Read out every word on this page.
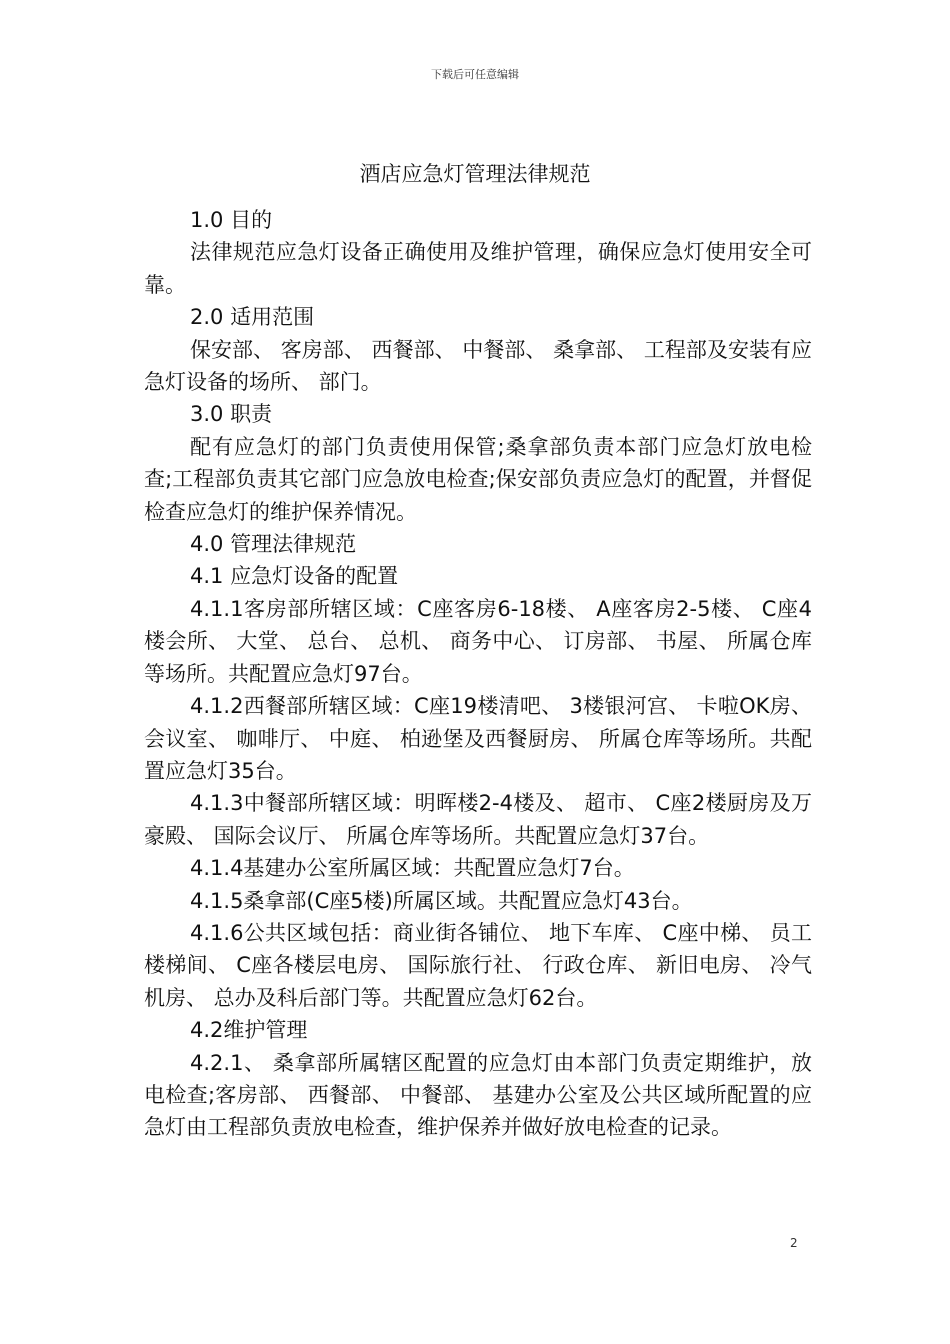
下载后可任意编辑
酒店应急灯管理法律规范

1.0 目的

法律规范应急灯设备正确使用及维护管理，确保应急灯使用安全可靠。

2.0 适用范围

保安部、 客房部、 西餐部、 中餐部、 桑拿部、 工程部及安装有应急灯设备的场所、 部门。

3.0 职责

配有应急灯的部门负责使用保管;桑拿部负责本部门应急灯放电检查;工程部负责其它部门应急放电检查;保安部负责应急灯的配置，并督促检查应急灯的维护保养情况。

4.0 管理法律规范

4.1 应急灯设备的配置

4.1.1客房部所辖区域：C座客房6-18楼、 A座客房2-5楼、 C座4楼会所、 大堂、 总台、 总机、 商务中心、 订房部、 书屋、 所属仓库等场所。共配置应急灯97台。

4.1.2西餐部所辖区域：C座19楼清吧、 3楼银河宫、 卡啦OK房、 会议室、 咖啡厅、 中庭、 柏逊堡及西餐厨房、 所属仓库等场所。共配置应急灯35台。

4.1.3中餐部所辖区域：明晖楼2-4楼及、 超市、 C座2楼厨房及万豪殿、 国际会议厅、 所属仓库等场所。共配置应急灯37台。

4.1.4基建办公室所属区域：共配置应急灯7台。

4.1.5桑拿部(C座5楼)所属区域。共配置应急灯43台。

4.1.6公共区域包括：商业街各铺位、 地下车库、 C座中梯、 员工楼梯间、 C座各楼层电房、 国际旅行社、 行政仓库、 新旧电房、 冷气机房、 总办及科后部门等。共配置应急灯62台。

4.2维护管理

4.2.1、 桑拿部所属辖区配置的应急灯由本部门负责定期维护，放电检查;客房部、 西餐部、 中餐部、 基建办公室及公共区域所配置的应急灯由工程部负责放电检查，维护保养并做好放电检查的记录。

2
